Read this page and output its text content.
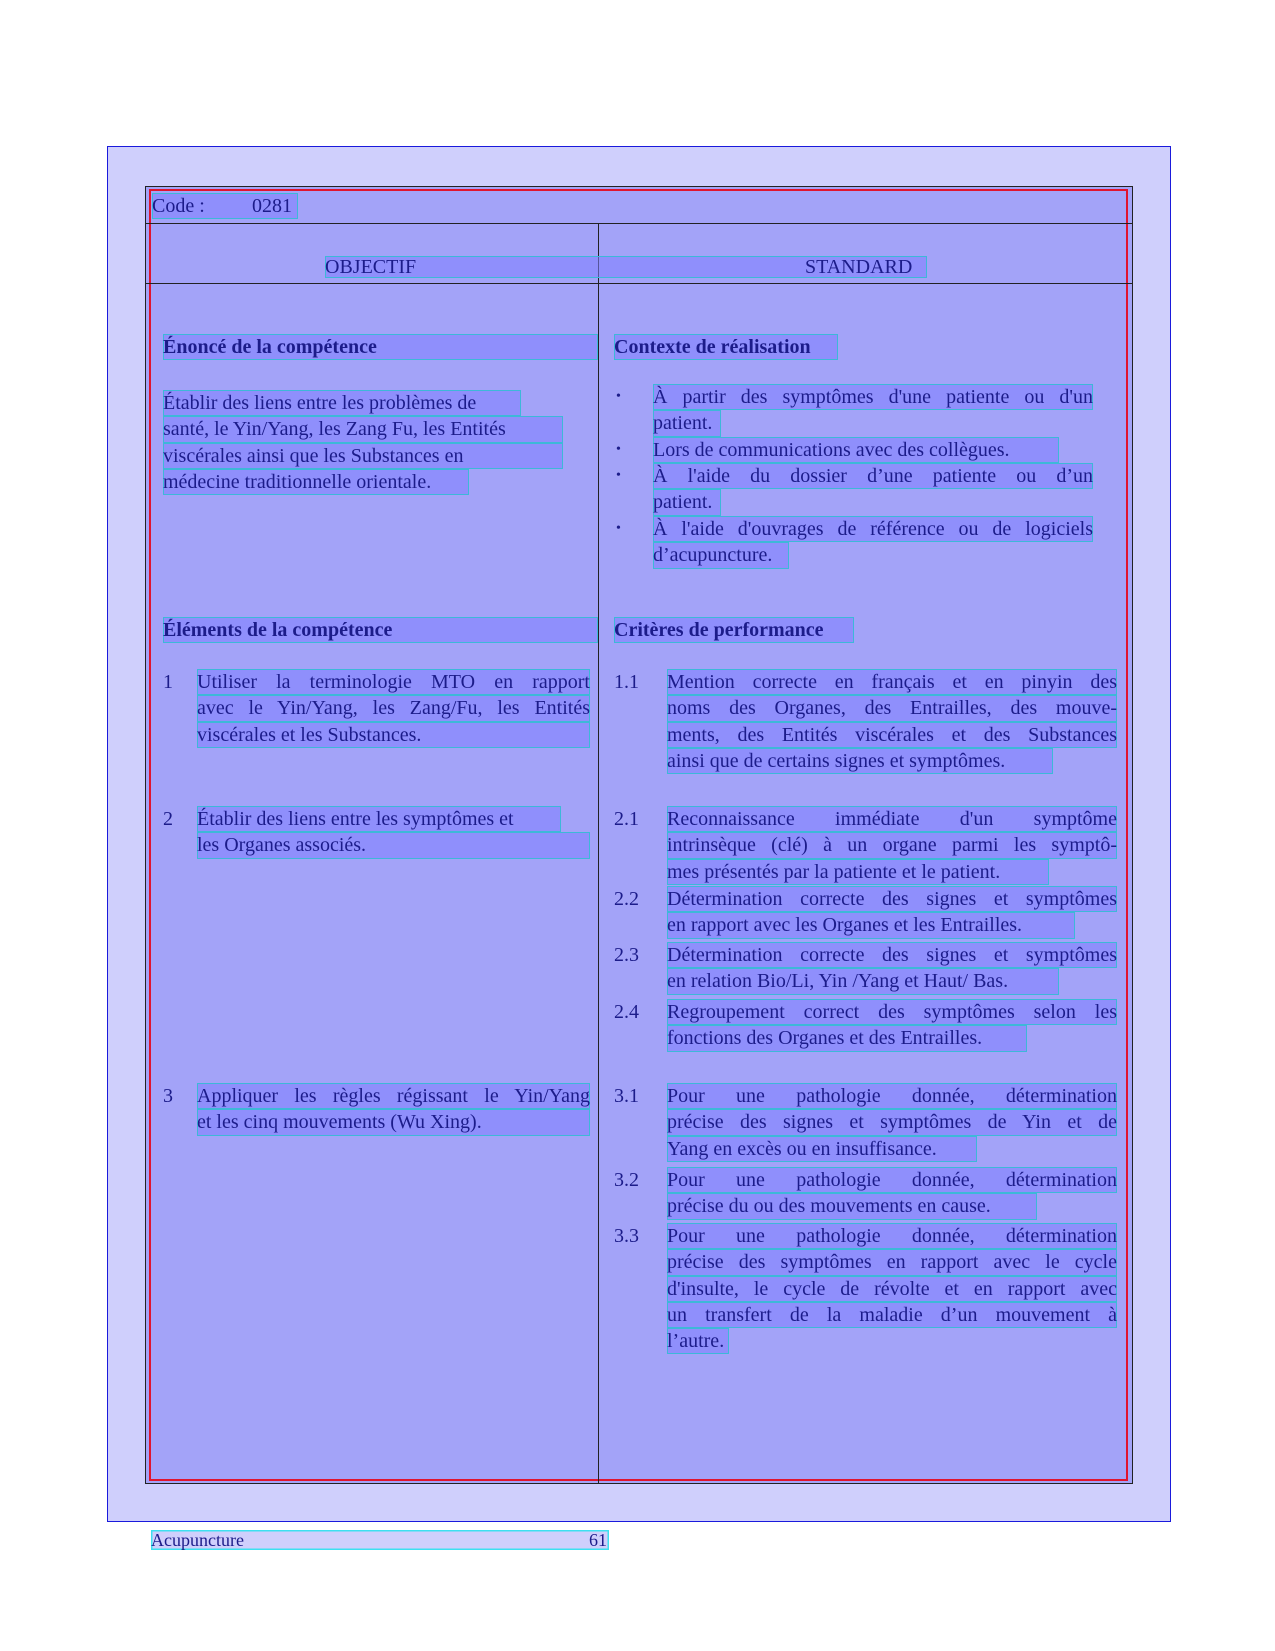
Code : 0281
OBJECTIF	STANDARD
Énoncé de la compétence
Établir des liens entre les problèmes de
santé, le Yin/Yang, les Zang Fu, les Entités
viscérales ainsi que les Substances en
médecine traditionnelle orientale.
Contexte de réalisation
• À partir des symptômes d'une patiente ou d'un
patient.
• Lors de communications avec des collègues.
• À l'aide du dossier d’une patiente ou d’un
patient.
• À l'aide d'ouvrages de référence ou de logiciels
d’acupuncture.
Éléments de la compétence
1 Utiliser la terminologie MTO en rapport
avec le Yin/Yang, les Zang/Fu, les Entités
viscérales et les Substances.
2 Établir des liens entre les symptômes et
les Organes associés.
3 Appliquer les règles régissant le Yin/Yang
et les cinq mouvements (Wu Xing).
Critères de performance
1.1 Mention correcte en français et en pinyin des
noms des Organes, des Entrailles, des mouve-
ments, des Entités viscérales et des Substances
ainsi que de certains signes et symptômes.
2.1 Reconnaissance immédiate d'un symptôme
intrinsèque (clé) à un organe parmi les symptô-
mes présentés par la patiente et le patient.
2.2 Détermination correcte des signes et symptômes
en rapport avec les Organes et les Entrailles.
2.3 Détermination correcte des signes et symptômes
en relation Bio/Li, Yin /Yang et Haut/ Bas.
2.4 Regroupement correct des symptômes selon les
fonctions des Organes et des Entrailles.
3.1 Pour une pathologie donnée, détermination
précise des signes et symptômes de Yin et de
Yang en excès ou en insuffisance.
3.2 Pour une pathologie donnée, détermination
précise du ou des mouvements en cause.
3.3 Pour une pathologie donnée, détermination
précise des symptômes en rapport avec le cycle
d'insulte, le cycle de révolte et en rapport avec
un transfert de la maladie d’un mouvement à
l’autre.
Acupuncture	61
